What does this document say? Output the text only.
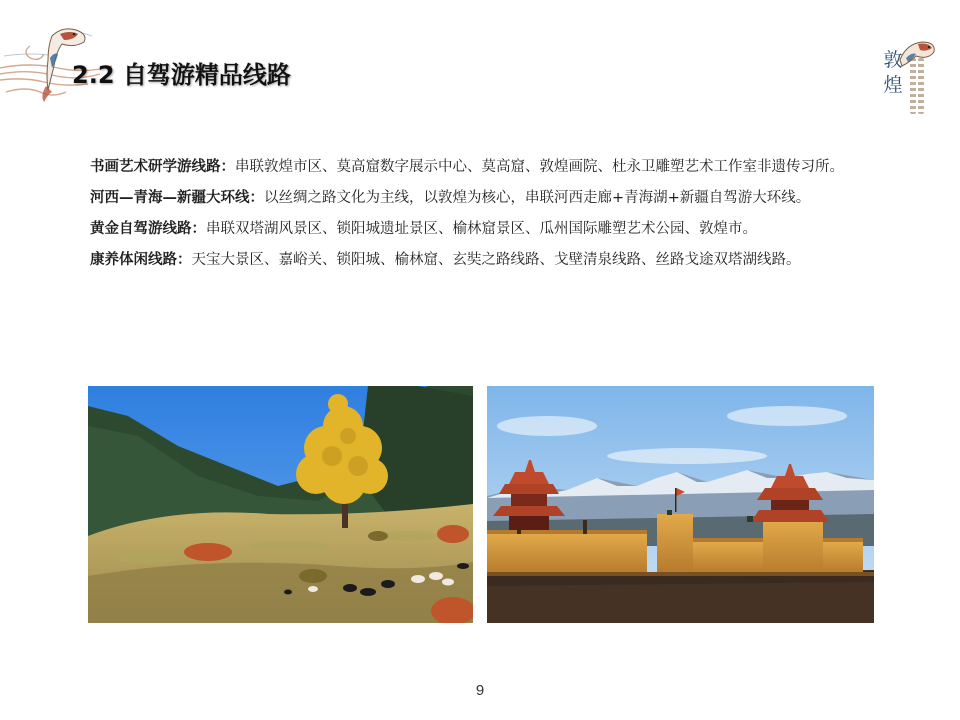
2.2 自驾游精品线路
敦
煌

书画艺术研学游线路：串联敦煌市区、莫高窟数字展示中心、莫高窟、敦煌画院、杜永卫雕塑艺术工作室非遗传习所。

河西—青海—新疆大环线：以丝绸之路文化为主线，以敦煌为核心，串联河西走廊+青海湖+新疆自驾游大环线。

黄金自驾游线路：串联双塔湖风景区、锁阳城遗址景区、榆林窟景区、瓜州国际雕塑艺术公园、敦煌市。

康养体闲线路：天宝大景区、嘉峪关、锁阳城、榆林窟、玄奘之路线路、戈壁清泉线路、丝路戈途双塔湖线路。

9
